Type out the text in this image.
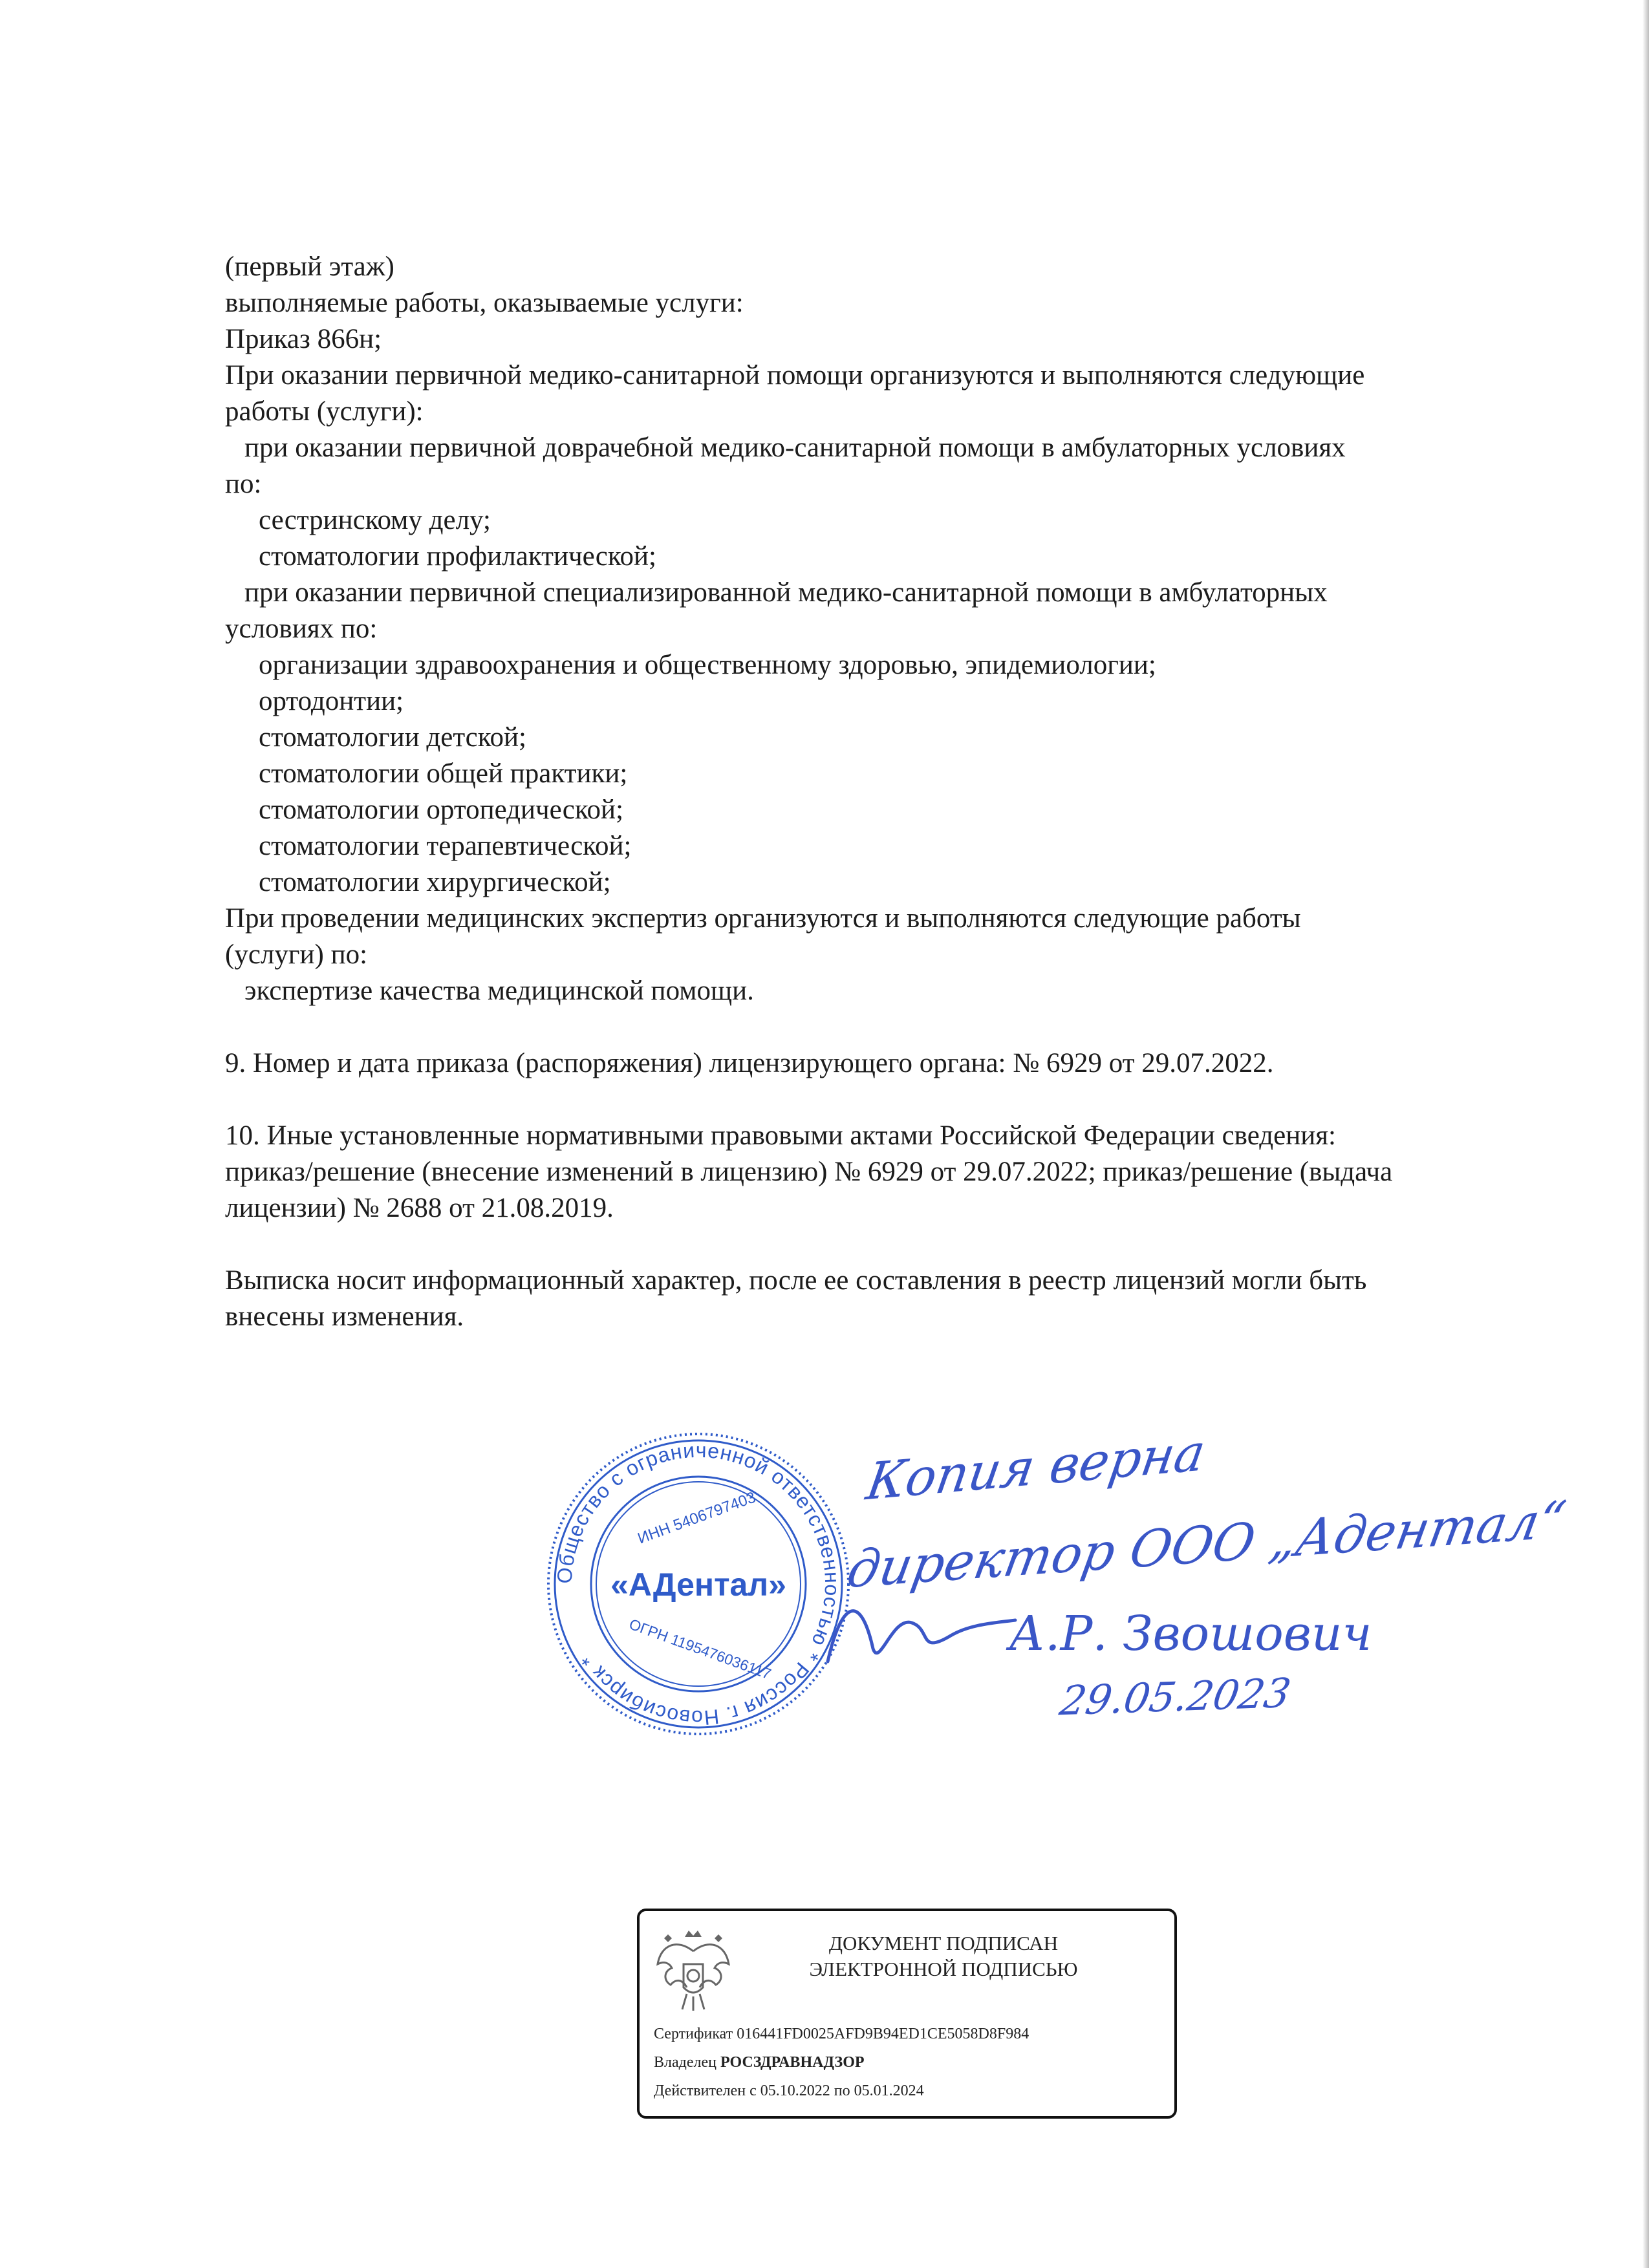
(первый этаж)
выполняемые работы, оказываемые услуги:
Приказ 866н;
При оказании первичной медико-санитарной помощи организуются и выполняются следующие
работы (услуги):
при оказании первичной доврачебной медико-санитарной помощи в амбулаторных условиях
по:
сестринскому делу;
стоматологии профилактической;
при оказании первичной специализированной медико-санитарной помощи в амбулаторных
условиях по:
организации здравоохранения и общественному здоровью, эпидемиологии;
ортодонтии;
стоматологии детской;
стоматологии общей практики;
стоматологии ортопедической;
стоматологии терапевтической;
стоматологии хирургической;
При проведении медицинских экспертиз организуются и выполняются следующие работы
(услуги) по:
экспертизе качества медицинской помощи.
9. Номер и дата приказа (распоряжения) лицензирующего органа: № 6929 от 29.07.2022.
10. Иные установленные нормативными правовыми актами Российской Федерации сведения:
приказ/решение (внесение изменений в лицензию) № 6929 от 29.07.2022; приказ/решение (выдача
лицензии) № 2688 от 21.08.2019.
Выписка носит информационный характер, после ее составления в реестр лицензий могли быть
внесены изменения.
Общество с ограниченной ответственностью * Россия г. Новосибирск *
ИНН 5406797403
«АДентал»
ОГРН 1195476036117
Копия верна
директор ООО „Адентал“
А.Р. Звошович
29.05.2023
ДОКУМЕНТ ПОДПИСАН
ЭЛЕКТРОННОЙ ПОДПИСЬЮ
Сертификат 016441FD0025AFD9B94ED1CE5058D8F984
Владелец РОСЗДРАВНАДЗОР
Действителен с 05.10.2022 по 05.01.2024
